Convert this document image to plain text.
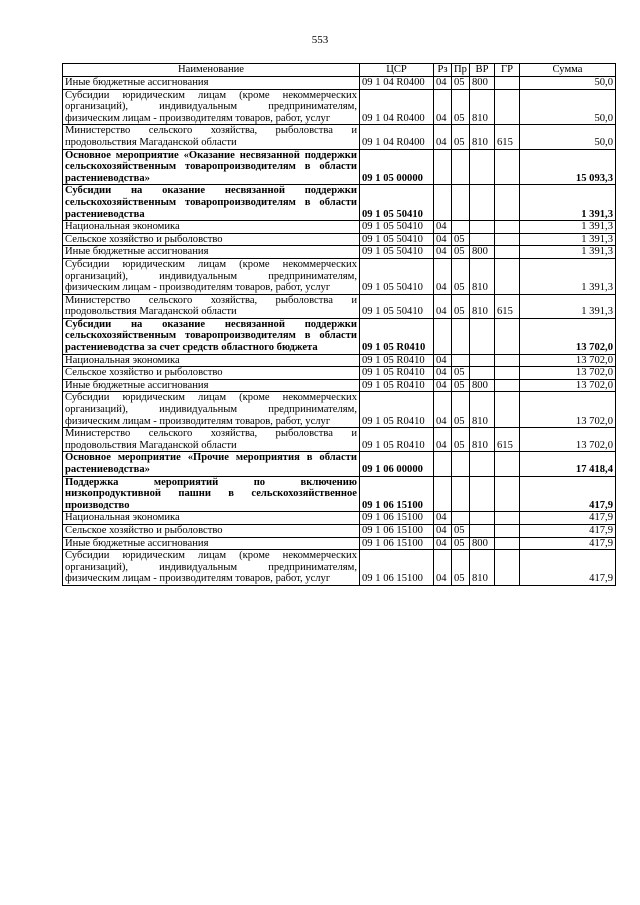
553
Наименование	ЦСР	Рз	Пр	ВР	ГР	Сумма
Иные бюджетные ассигнования	09 1 04 R0400	04	05	800		50,0
Субсидии юридическим лицам (кроме некоммерческих организаций), индивидуальным предпринимателям, физическим лицам - производителям товаров, работ, услуг	09 1 04 R0400	04	05	810		50,0
Министерство сельского хозяйства, рыболовства и продовольствия Магаданской области	09 1 04 R0400	04	05	810	615	50,0
Основное мероприятие «Оказание несвязанной поддержки сельскохозяйственным товаропроизводителям в области растениеводства»	09 1 05 00000					15 093,3
Субсидии на оказание несвязанной поддержки сельскохозяйственным товаропроизводителям в области растениеводства	09 1 05 50410					1 391,3
Национальная экономика	09 1 05 50410	04				1 391,3
Сельское хозяйство и рыболовство	09 1 05 50410	04	05			1 391,3
Иные бюджетные ассигнования	09 1 05 50410	04	05	800		1 391,3
Субсидии юридическим лицам (кроме некоммерческих организаций), индивидуальным предпринимателям, физическим лицам - производителям товаров, работ, услуг	09 1 05 50410	04	05	810		1 391,3
Министерство сельского хозяйства, рыболовства и продовольствия Магаданской области	09 1 05 50410	04	05	810	615	1 391,3
Субсидии на оказание несвязанной поддержки сельскохозяйственным товаропроизводителям в области растениеводства за счет средств областного бюджета	09 1 05 R0410					13 702,0
Национальная экономика	09 1 05 R0410	04				13 702,0
Сельское хозяйство и рыболовство	09 1 05 R0410	04	05			13 702,0
Иные бюджетные ассигнования	09 1 05 R0410	04	05	800		13 702,0
Субсидии юридическим лицам (кроме некоммерческих организаций), индивидуальным предпринимателям, физическим лицам - производителям товаров, работ, услуг	09 1 05 R0410	04	05	810		13 702,0
Министерство сельского хозяйства, рыболовства и продовольствия Магаданской области	09 1 05 R0410	04	05	810	615	13 702,0
Основное мероприятие «Прочие мероприятия в области растениеводства»	09 1 06 00000					17 418,4
Поддержка мероприятий по включению низкопродуктивной пашни в сельскохозяйственное производство	09 1 06 15100					417,9
Национальная экономика	09 1 06 15100	04				417,9
Сельское хозяйство и рыболовство	09 1 06 15100	04	05			417,9
Иные бюджетные ассигнования	09 1 06 15100	04	05	800		417,9
Субсидии юридическим лицам (кроме некоммерческих организаций), индивидуальным предпринимателям, физическим лицам - производителям товаров, работ, услуг	09 1 06 15100	04	05	810		417,9
